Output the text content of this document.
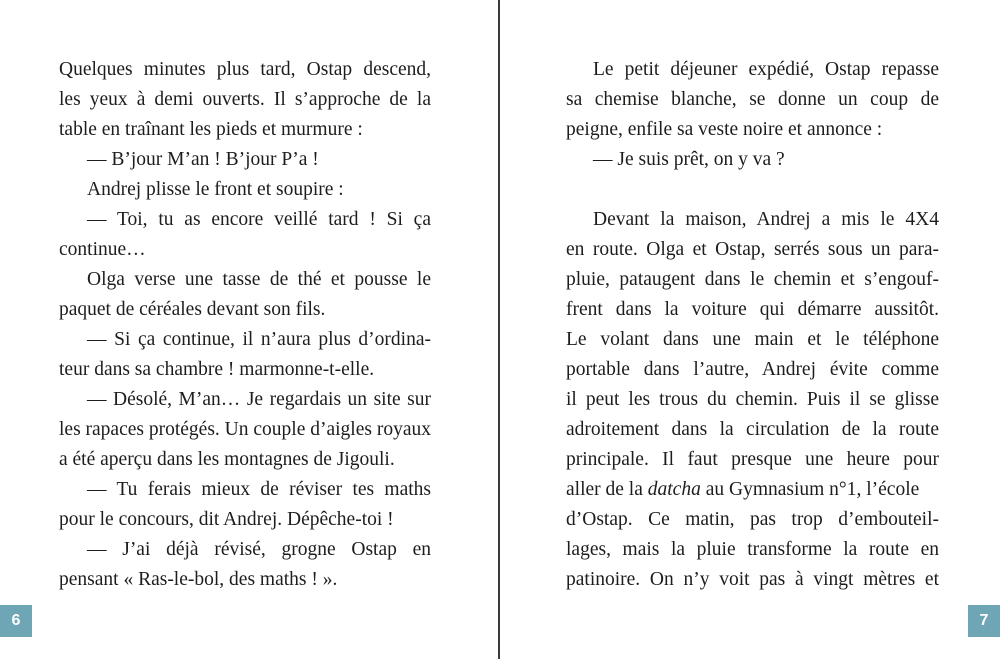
Quelques minutes plus tard, Ostap descend,
les yeux à demi ouverts. Il s’approche de la
table en traînant les pieds et murmure :
— B’jour M’an ! B’jour P’a !
Andrej plisse le front et soupire :
— Toi, tu as encore veillé tard ! Si ça
continue…
Olga verse une tasse de thé et pousse le
paquet de céréales devant son fils.
— Si ça continue, il n’aura plus d’ordina-
teur dans sa chambre ! marmonne-t-elle.
— Désolé, M’an… Je regardais un site sur
les rapaces protégés. Un couple d’aigles royaux
a été aperçu dans les montagnes de Jigouli.
— Tu ferais mieux de réviser tes maths
pour le concours, dit Andrej. Dépêche-toi !
— J’ai déjà révisé, grogne Ostap en
pensant « Ras-le-bol, des maths ! ».
6
Le petit déjeuner expédié, Ostap repasse
sa chemise blanche, se donne un coup de
peigne, enfile sa veste noire et annonce :
— Je suis prêt, on y va ?
Devant la maison, Andrej a mis le 4X4
en route. Olga et Ostap, serrés sous un para-
pluie, pataugent dans le chemin et s’engouf-
frent dans la voiture qui démarre aussitôt.
Le volant dans une main et le téléphone
portable dans l’autre, Andrej évite comme
il peut les trous du chemin. Puis il se glisse
adroitement dans la circulation de la route
principale. Il faut presque une heure pour
aller de la datcha au Gymnasium n°1, l’école
d’Ostap. Ce matin, pas trop d’embouteil-
lages, mais la pluie transforme la route en
patinoire. On n’y voit pas à vingt mètres et
7
